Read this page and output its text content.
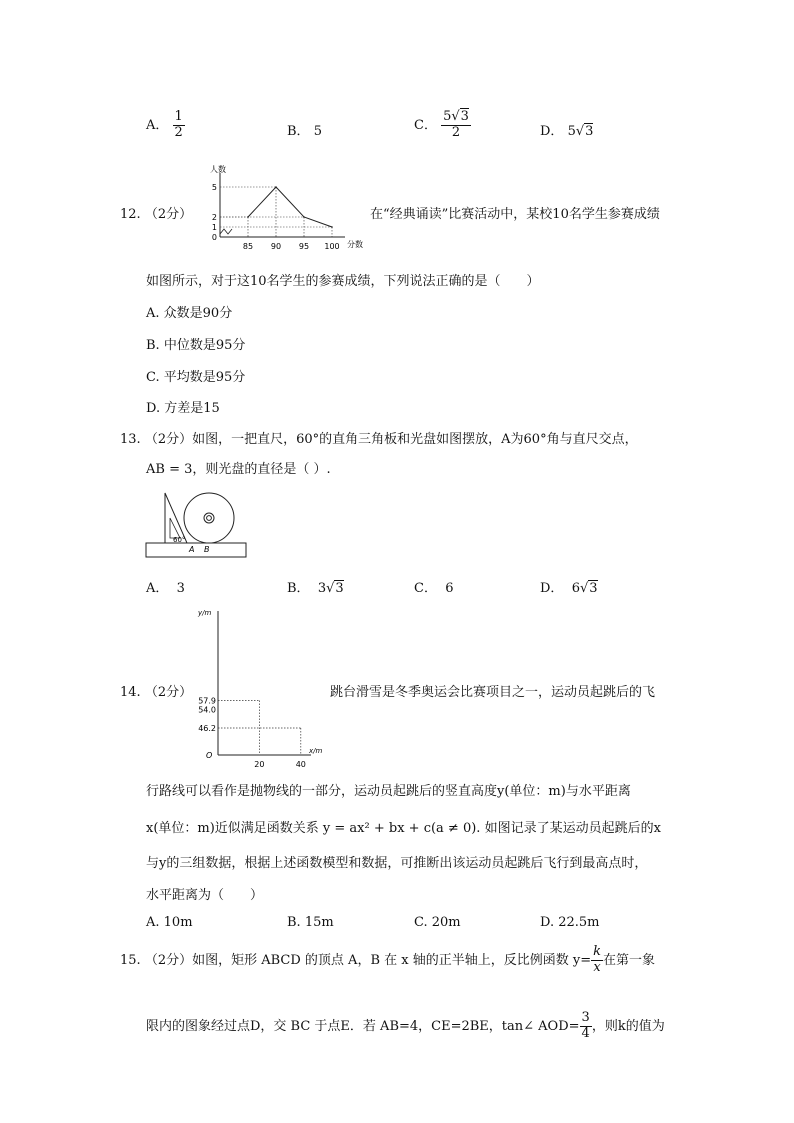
A． $\frac{1}{2}$	B． 5	C． $\frac{5√3}{2}$	D． 5√3
12. （2分）
85 90 95 100
0
1
2
5
人数
分数
在“经典诵读”比赛活动中，某校10名学生参赛成绩
如图所示，对于这10名学生的参赛成绩，下列说法正确的是（　　）
A. 众数是90分
B. 中位数是95分
C. 平均数是95分
D. 方差是15
13. （2分）如图，一把直尺，60°的直角三角板和光盘如图摆放，A为60°角与直尺交点，
AB = 3，则光盘的直径是（ ）.
60°
A B
A． 3	B． 3√3	C． 6	D． 6√3
14. （2分）
20	40
57.9
54.0
46.2
y/m
x/m
O
跳台滑雪是冬季奥运会比赛项目之一，运动员起跳后的飞
行路线可以看作是抛物线的一部分，运动员起跳后的竖直高度y(单位：m)与水平距离
x(单位：m)近似满足函数关系 y = ax² + bx + c(a ≠ 0). 如图记录了某运动员起跳后的x
与y的三组数据，根据上述函数模型和数据，可推断出该运动员起跳后飞行到最高点时，
水平距离为（　　）
A. 10m	B. 15m	C. 20m	D. 22.5m
15. （2分）如图，矩形 ABCD 的顶点 A，B 在 x 轴的正半轴上，反比例函数 $y= \frac{k}{x}$ 在第一象
限内的图象经过点D，交 BC 于点E．若 AB=4，CE=2BE，tan∠ $AOD= \frac{3}{4}$ ，则k的值为
